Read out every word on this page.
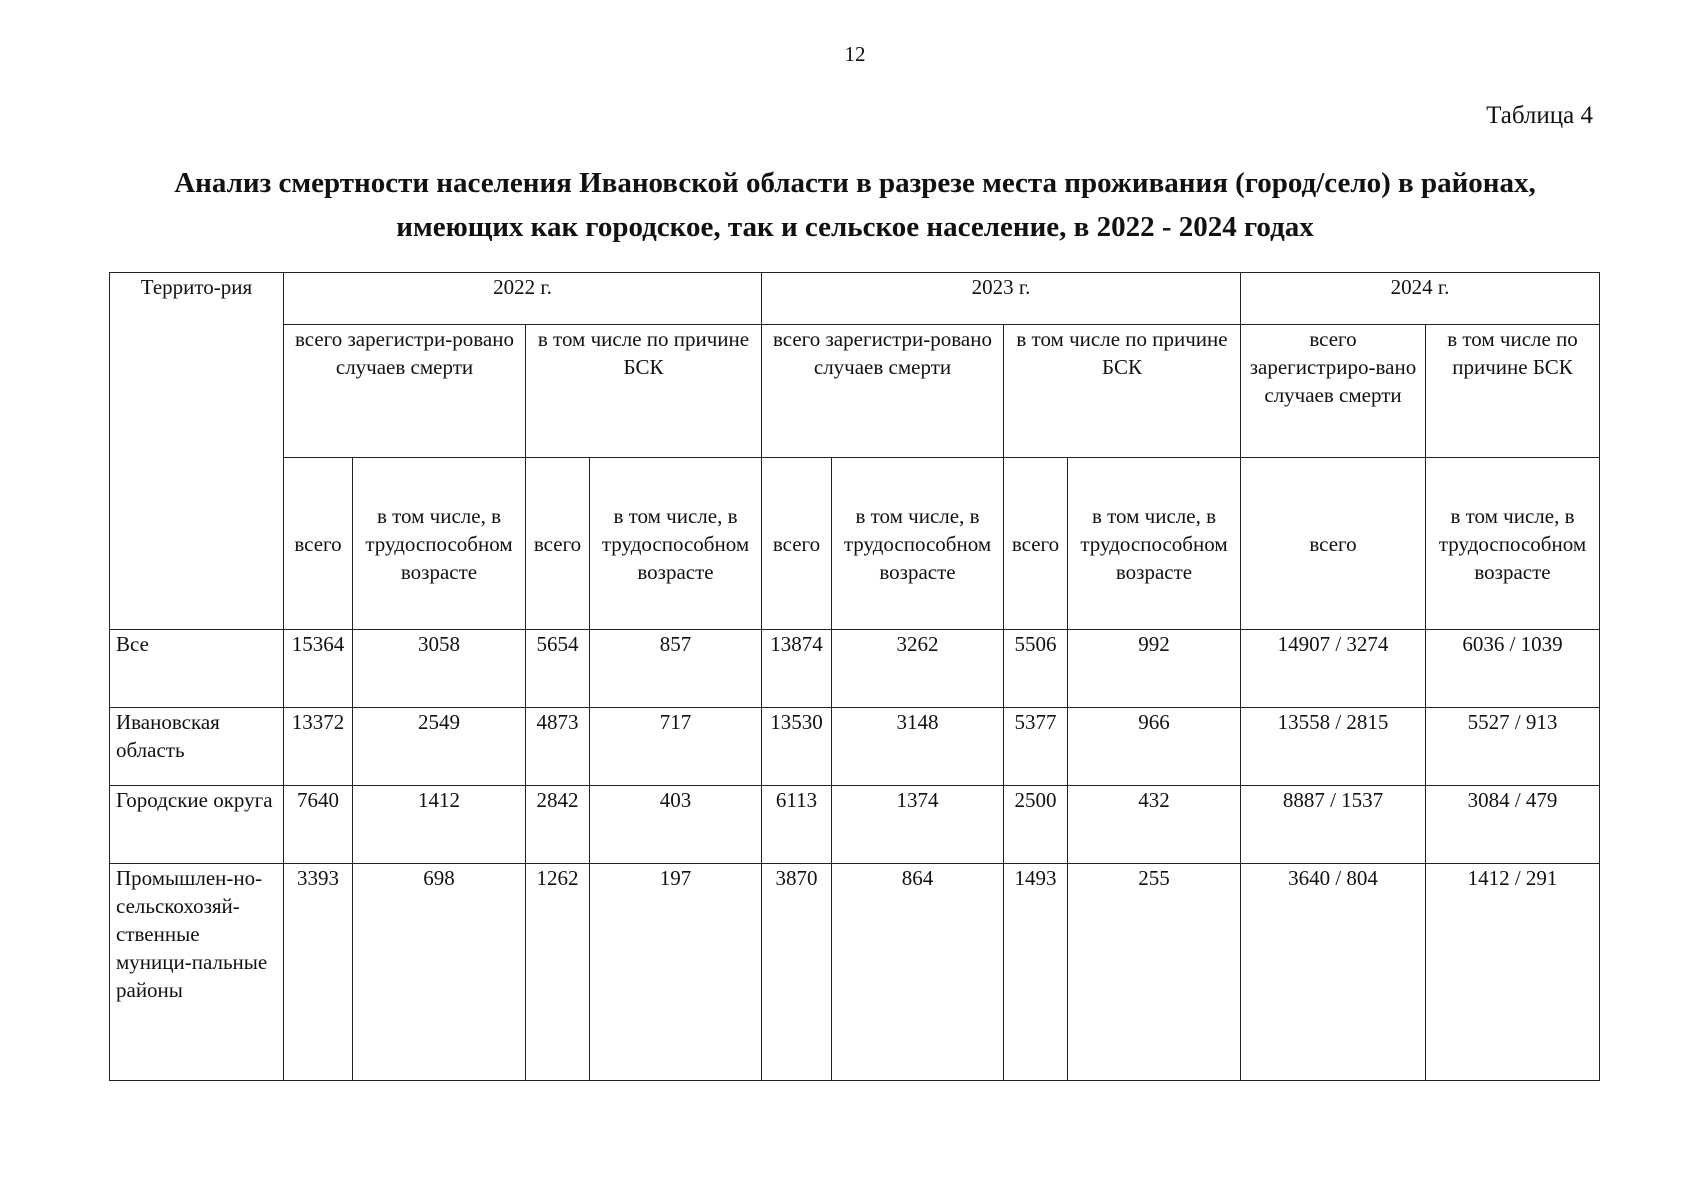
12
Таблица 4
Анализ смертности населения Ивановской области в разрезе места проживания (город/село) в районах, имеющих как городское, так и сельское население, в 2022 - 2024 годах
Террито-рия	2022 г.				2023 г.				2024 г.	
	всего зарегистри-ровано случаев смерти		в том числе по причине БСК		всего зарегистри-ровано случаев смерти		в том числе по причине БСК		всего зарегистриро-вано случаев смерти	в том числе по причине БСК
	всего	в том числе, в трудоспособном возрасте	всего	в том числе, в трудоспособном возрасте	всего	в том числе, в трудоспособном возрасте	всего	в том числе, в трудоспособном возрасте	всего	в том числе, в трудоспособном возрасте
Все	15364	3058	5654	857	13874	3262	5506	992	14907 / 3274	6036 / 1039
Ивановская область	13372	2549	4873	717	13530	3148	5377	966	13558 / 2815	5527 / 913
Городские округа	7640	1412	2842	403	6113	1374	2500	432	8887 / 1537	3084 / 479
Промышлен-но-сельскохозяй-ственные муници-пальные районы	3393	698	1262	197	3870	864	1493	255	3640 / 804	1412 / 291
